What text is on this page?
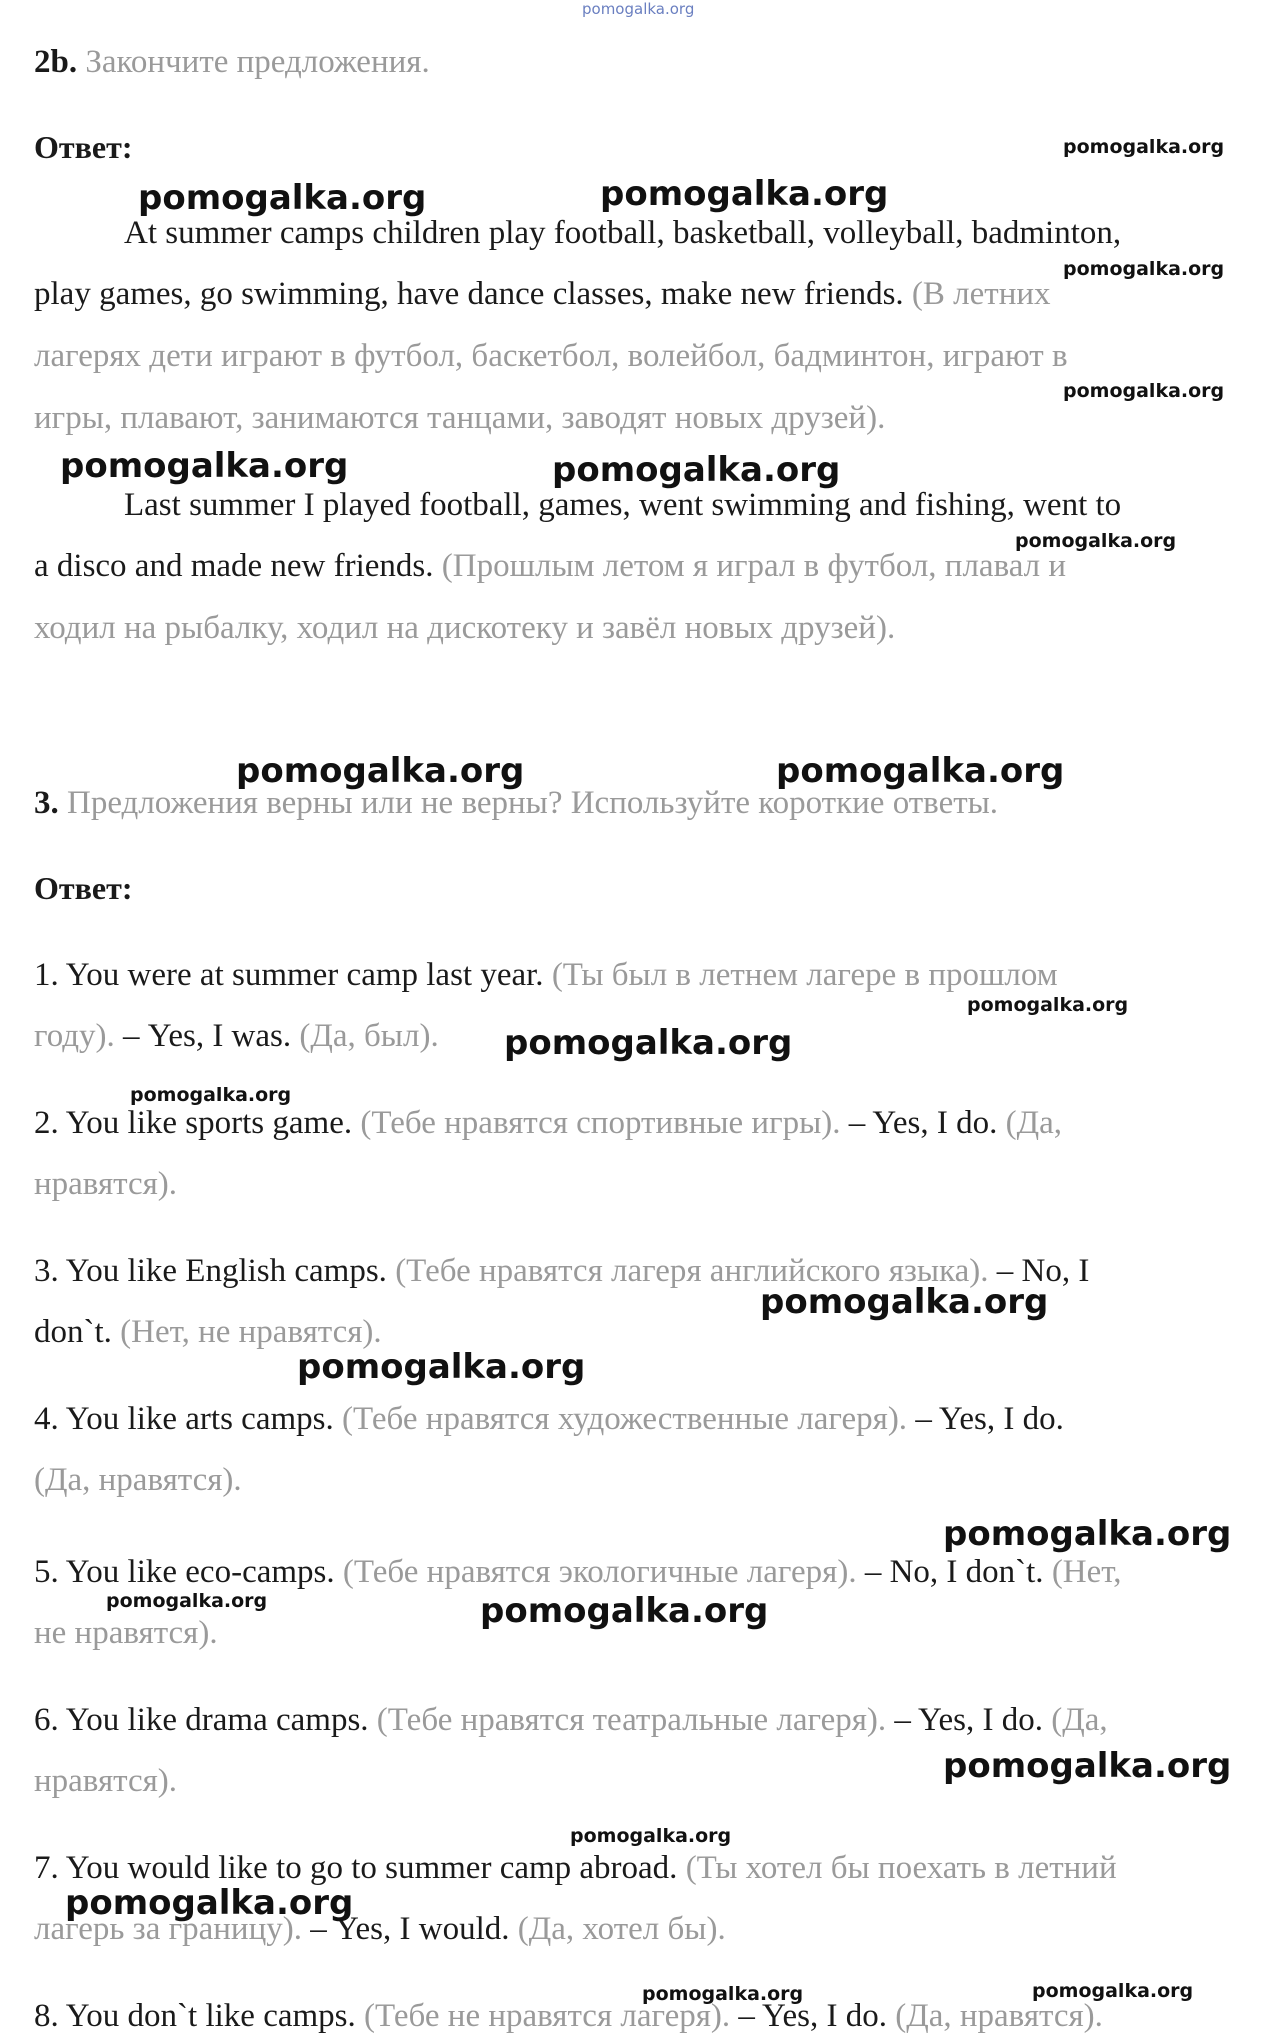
pomogalka.org
2b. Закончите предложения.
Ответ:
At summer camps children play football, basketball, volleyball, badminton,
play games, go swimming, have dance classes, make new friends. (В летних
лагерях дети играют в футбол, баскетбол, волейбол, бадминтон, играют в
игры, плавают, занимаются танцами, заводят новых друзей).
Last summer I played football, games, went swimming and fishing, went to
a disco and made new friends. (Прошлым летом я играл в футбол, плавал и
ходил на рыбалку, ходил на дискотеку и завёл новых друзей).
3. Предложения верны или не верны? Используйте короткие ответы.
Ответ:
1. You were at summer camp last year. (Ты был в летнем лагере в прошлом
году). – Yes, I was. (Да, был).
2. You like sports game. (Тебе нравятся спортивные игры). – Yes, I do. (Да,
нравятся).
3. You like English camps. (Тебе нравятся лагеря английского языка). – No, I
don`t. (Нет, не нравятся).
4. You like arts camps. (Тебе нравятся художественные лагеря). – Yes, I do.
(Да, нравятся).
5. You like eco-camps. (Тебе нравятся экологичные лагеря). – No, I don`t. (Нет,
не нравятся).
6. You like drama camps. (Тебе нравятся театральные лагеря). – Yes, I do. (Да,
нравятся).
7. You would like to go to summer camp abroad. (Ты хотел бы поехать в летний
лагерь за границу). – Yes, I would. (Да, хотел бы).
8. You don`t like camps. (Тебе не нравятся лагеря). – Yes, I do. (Да, нравятся).
pomogalka.org
pomogalka.org	pomogalka.org
pomogalka.org
pomogalka.org
pomogalka.org	pomogalka.org
pomogalka.org
pomogalka.org	pomogalka.org
pomogalka.org
pomogalka.org
pomogalka.org
pomogalka.org
pomogalka.org
pomogalka.org
pomogalka.org	pomogalka.org
pomogalka.org
pomogalka.org
pomogalka.org
pomogalka.org	pomogalka.org
